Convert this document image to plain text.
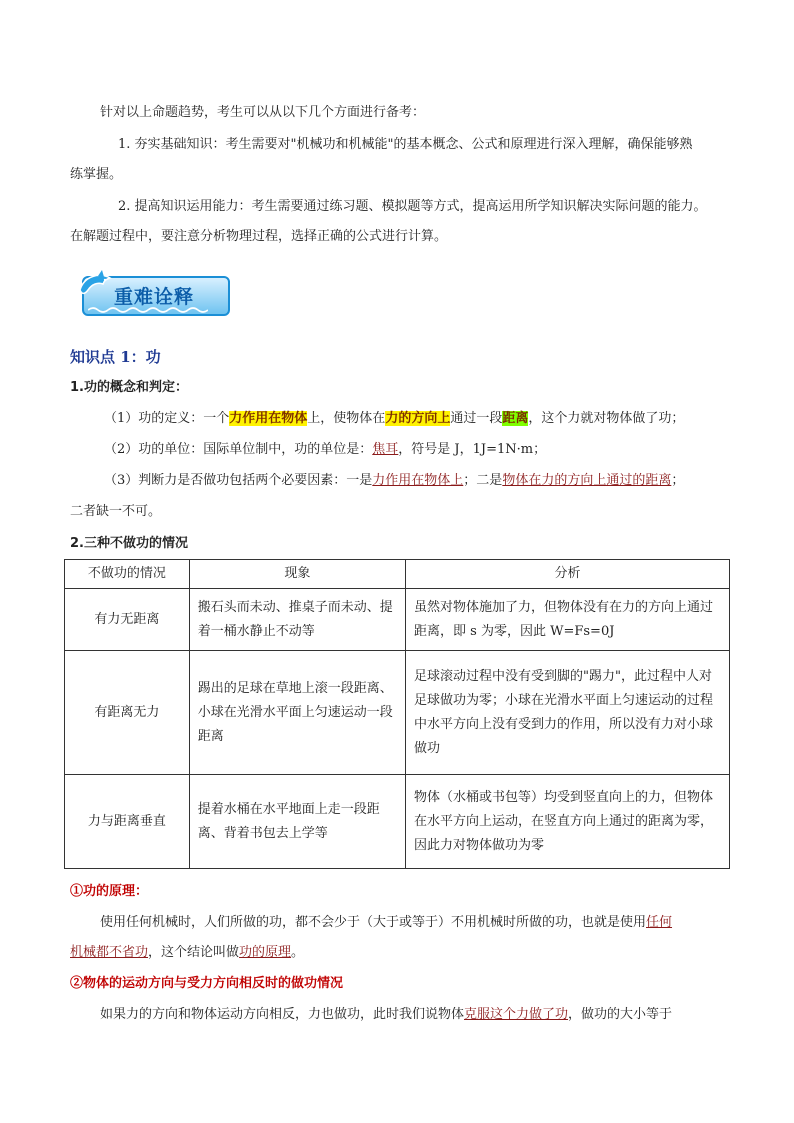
针对以上命题趋势，考生可以从以下几个方面进行备考：
1. 夯实基础知识：考生需要对"机械功和机械能"的基本概念、公式和原理进行深入理解，确保能够熟
练掌握。
2. 提高知识运用能力：考生需要通过练习题、模拟题等方式，提高运用所学知识解决实际问题的能力。
在解题过程中，要注意分析物理过程，选择正确的公式进行计算。
重难诠释
知识点 1：功
1.功的概念和判定：
（1）功的定义：一个力作用在物体上，使物体在力的方向上通过一段距离，这个力就对物体做了功；
（2）功的单位：国际单位制中，功的单位是：焦耳，符号是 J，1J=1N·m；
（3）判断力是否做功包括两个必要因素：一是力作用在物体上；二是物体在力的方向上通过的距离；
二者缺一不可。
2.三种不做功的情况
不做功的情况	现象	分析
有力无距离	搬石头而未动、推桌子而未动、提着一桶水静止不动等	虽然对物体施加了力，但物体没有在力的方向上通过距离，即 s 为零，因此 W=Fs=0J
有距离无力	踢出的足球在草地上滚一段距离、小球在光滑水平面上匀速运动一段距离	足球滚动过程中没有受到脚的"踢力"，此过程中人对足球做功为零；小球在光滑水平面上匀速运动的过程中水平方向上没有受到力的作用，所以没有力对小球做功
力与距离垂直	提着水桶在水平地面上走一段距离、背着书包去上学等	物体（水桶或书包等）均受到竖直向上的力，但物体在水平方向上运动，在竖直方向上通过的距离为零，因此力对物体做功为零
①功的原理：
使用任何机械时，人们所做的功，都不会少于（大于或等于）不用机械时所做的功，也就是使用任何
机械都不省功，这个结论叫做功的原理。
②物体的运动方向与受力方向相反时的做功情况
如果力的方向和物体运动方向相反，力也做功，此时我们说物体克服这个力做了功，做功的大小等于
